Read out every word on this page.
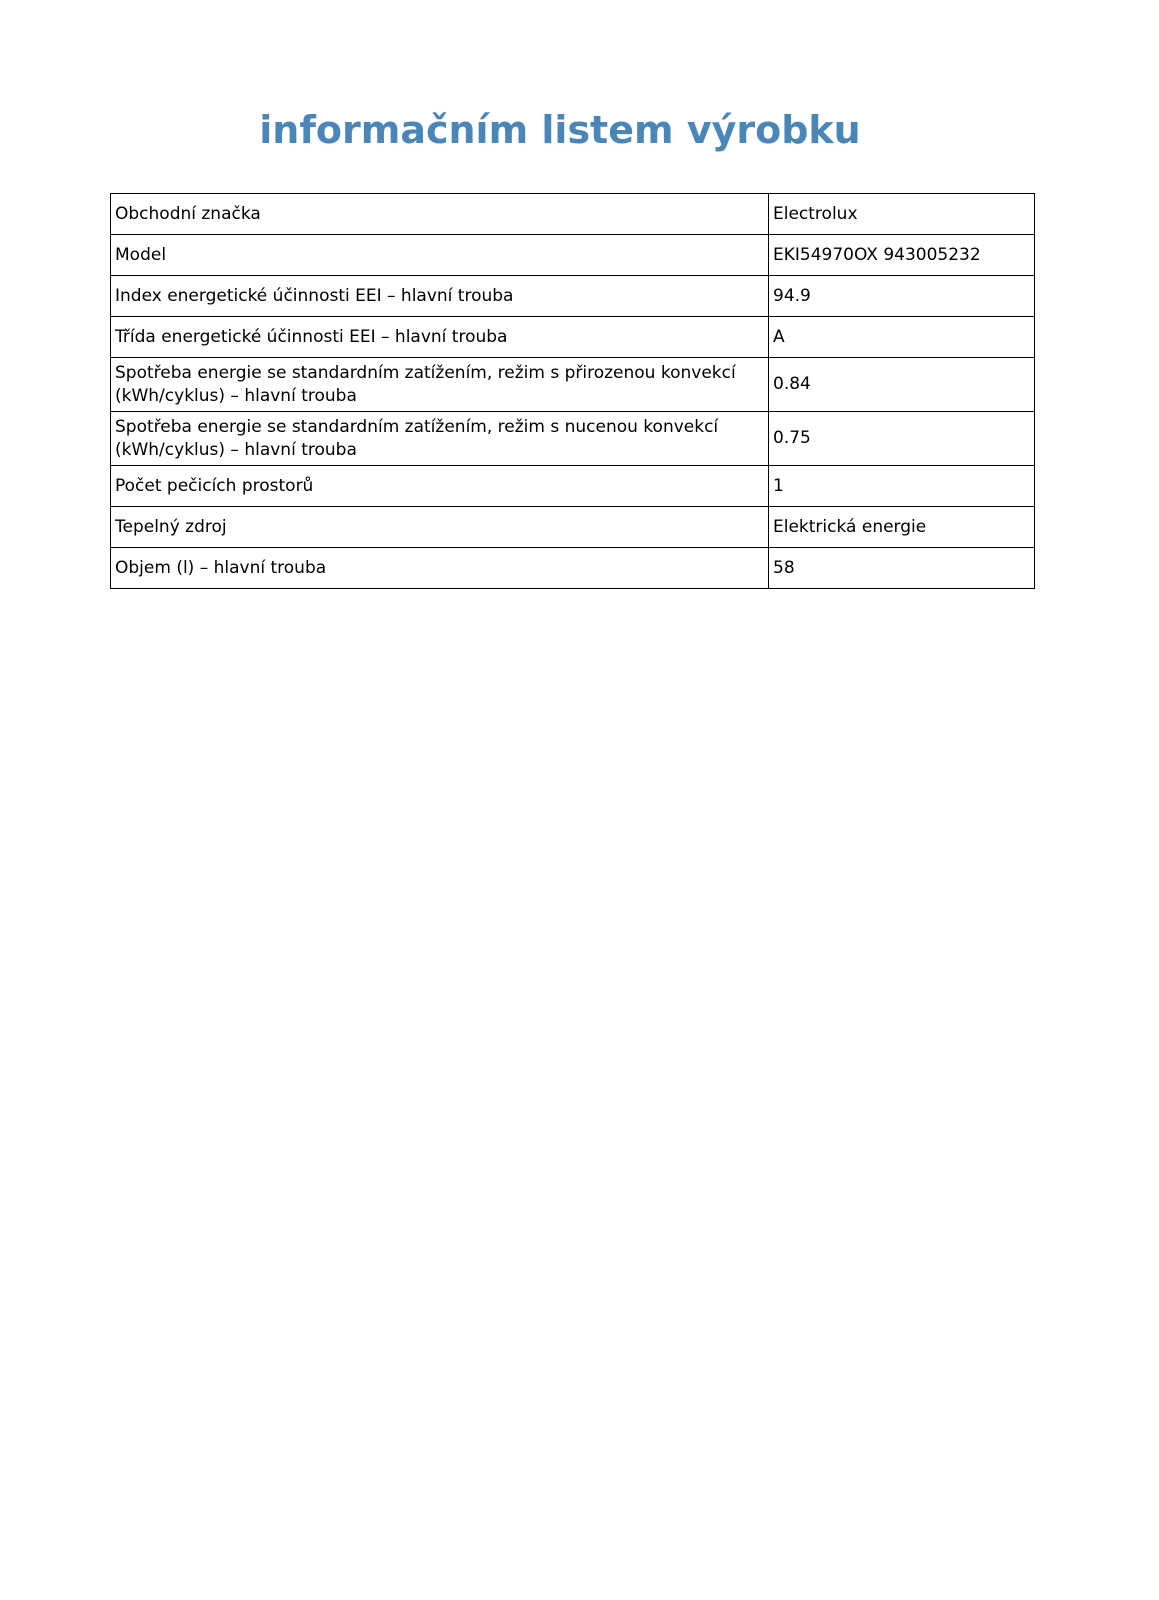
informačním listem výrobku
Obchodní značka	Electrolux
Model	EKI54970OX 943005232
Index energetické účinnosti EEI – hlavní trouba	94.9
Třída energetické účinnosti EEI – hlavní trouba	A
Spotřeba energie se standardním zatížením, režim s přirozenou konvekcí (kWh/cyklus) – hlavní trouba	0.84
Spotřeba energie se standardním zatížením, režim s nucenou konvekcí (kWh/cyklus) – hlavní trouba	0.75
Počet pečicích prostorů	1
Tepelný zdroj	Elektrická energie
Objem (l) – hlavní trouba	58
